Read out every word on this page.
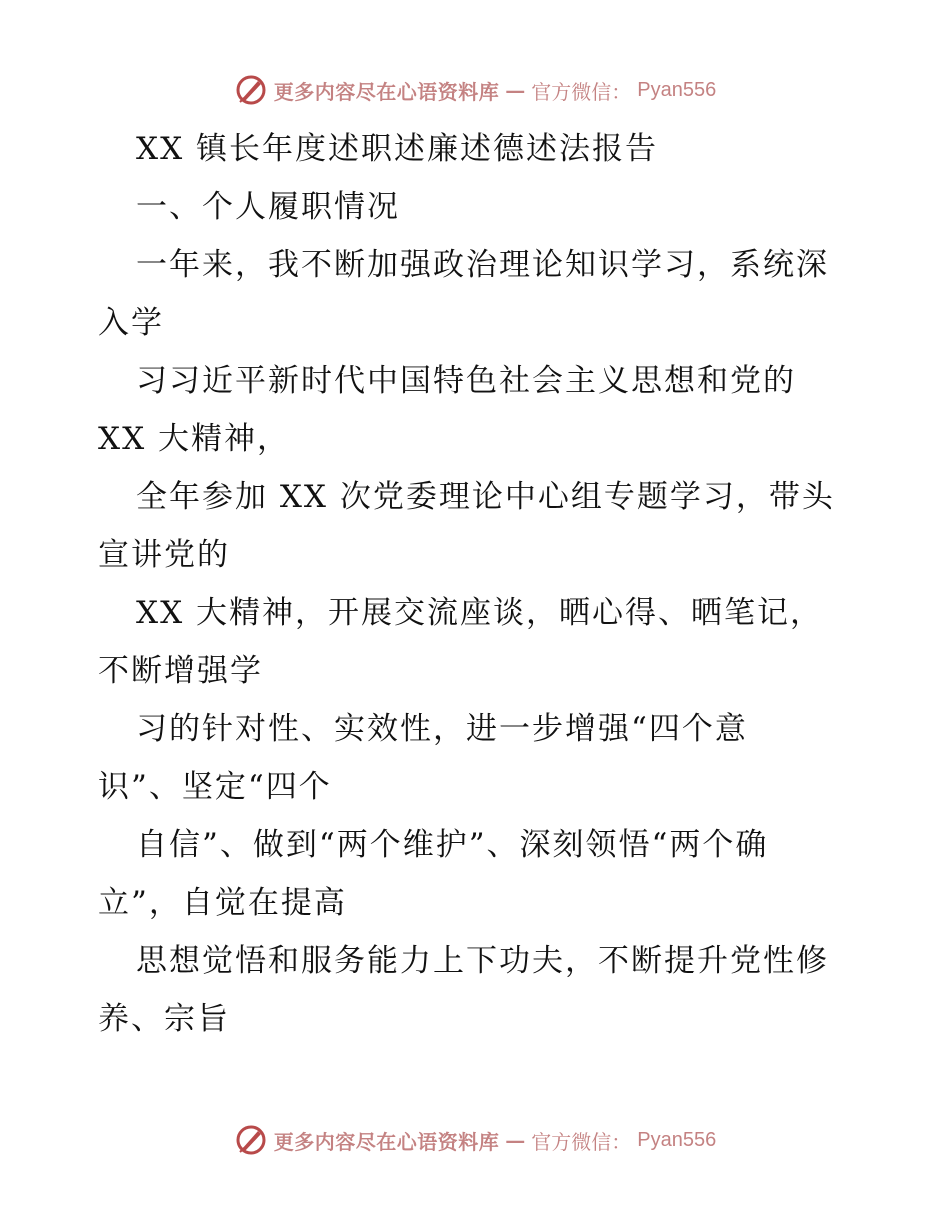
更多内容尽在心语资料库 — 官方微信： Pyan556
XX 镇长年度述职述廉述德述法报告
一、个人履职情况
一年来，我不断加强政治理论知识学习，系统深
入学
习习近平新时代中国特色社会主义思想和党的
XX 大精神，
全年参加 XX 次党委理论中心组专题学习，带头
宣讲党的
XX 大精神，开展交流座谈，晒心得、晒笔记，
不断增强学
习的针对性、实效性，进一步增强“四个意
识”、坚定“四个
自信”、做到“两个维护”、深刻领悟“两个确
立”，自觉在提高
思想觉悟和服务能力上下功夫，不断提升党性修
养、宗旨
更多内容尽在心语资料库 — 官方微信： Pyan556
